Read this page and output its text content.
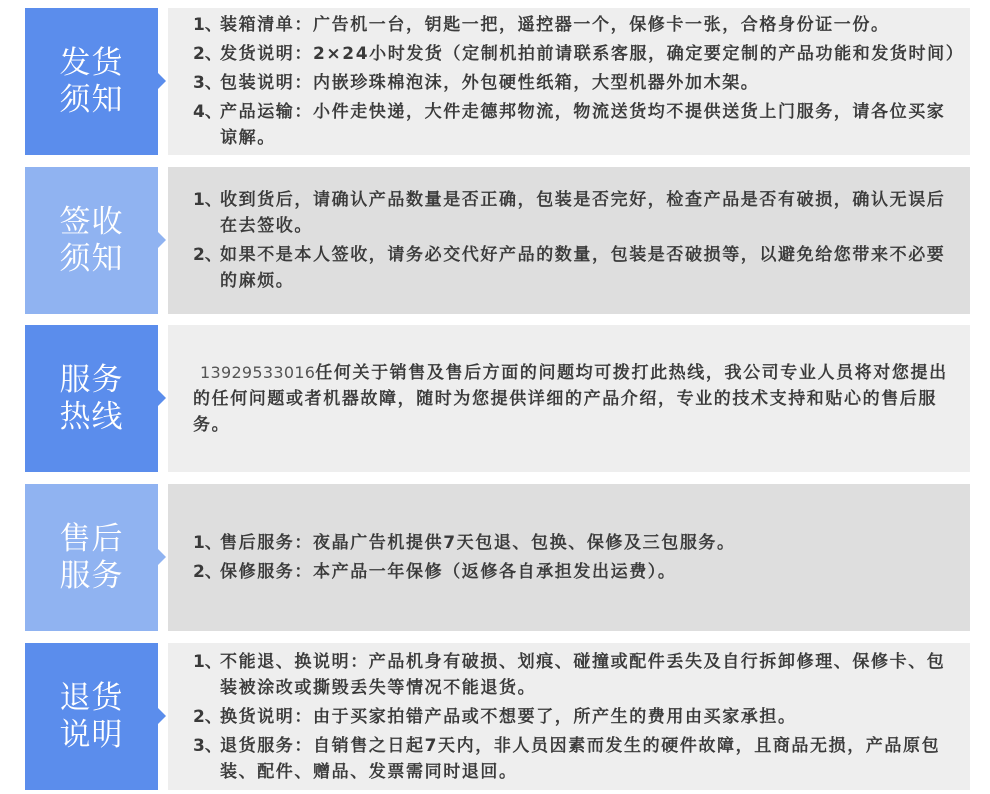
发货
须知
1、
装箱清单：广告机一台，钥匙一把，遥控器一个，保修卡一张，合格身份证一份。
2、
发货说明：2×24小时发货（定制机拍前请联系客服，确定要定制的产品功能和发货时间）
3、
包装说明：内嵌珍珠棉泡沫，外包硬性纸箱，大型机器外加木架。
4、
产品运输：小件走快递，大件走德邦物流，物流送货均不提供送货上门服务，请各位买家
谅解。
签收
须知
1、
收到货后，请确认产品数量是否正确，包装是否完好，检查产品是否有破损，确认无误后
在去签收。
2、
如果不是本人签收，请务必交代好产品的数量，包装是否破损等，以避免给您带来不必要
的麻烦。
服务
热线
13929533016任何关于销售及售后方面的问题均可拨打此热线，我公司专业人员将对您提出
的任何问题或者机器故障，随时为您提供详细的产品介绍，专业的技术支持和贴心的售后服
务。
售后
服务
1、
售后服务：夜晶广告机提供7天包退、包换、保修及三包服务。
2、
保修服务：本产品一年保修（返修各自承担发出运费）。
退货
说明
1、
不能退、换说明：产品机身有破损、划痕、碰撞或配件丢失及自行拆卸修理、保修卡、包
装被涂改或撕毁丢失等情况不能退货。
2、
换货说明：由于买家拍错产品或不想要了，所产生的费用由买家承担。
3、
退货服务：自销售之日起7天内，非人员因素而发生的硬件故障，且商品无损，产品原包
装、配件、赠品、发票需同时退回。
